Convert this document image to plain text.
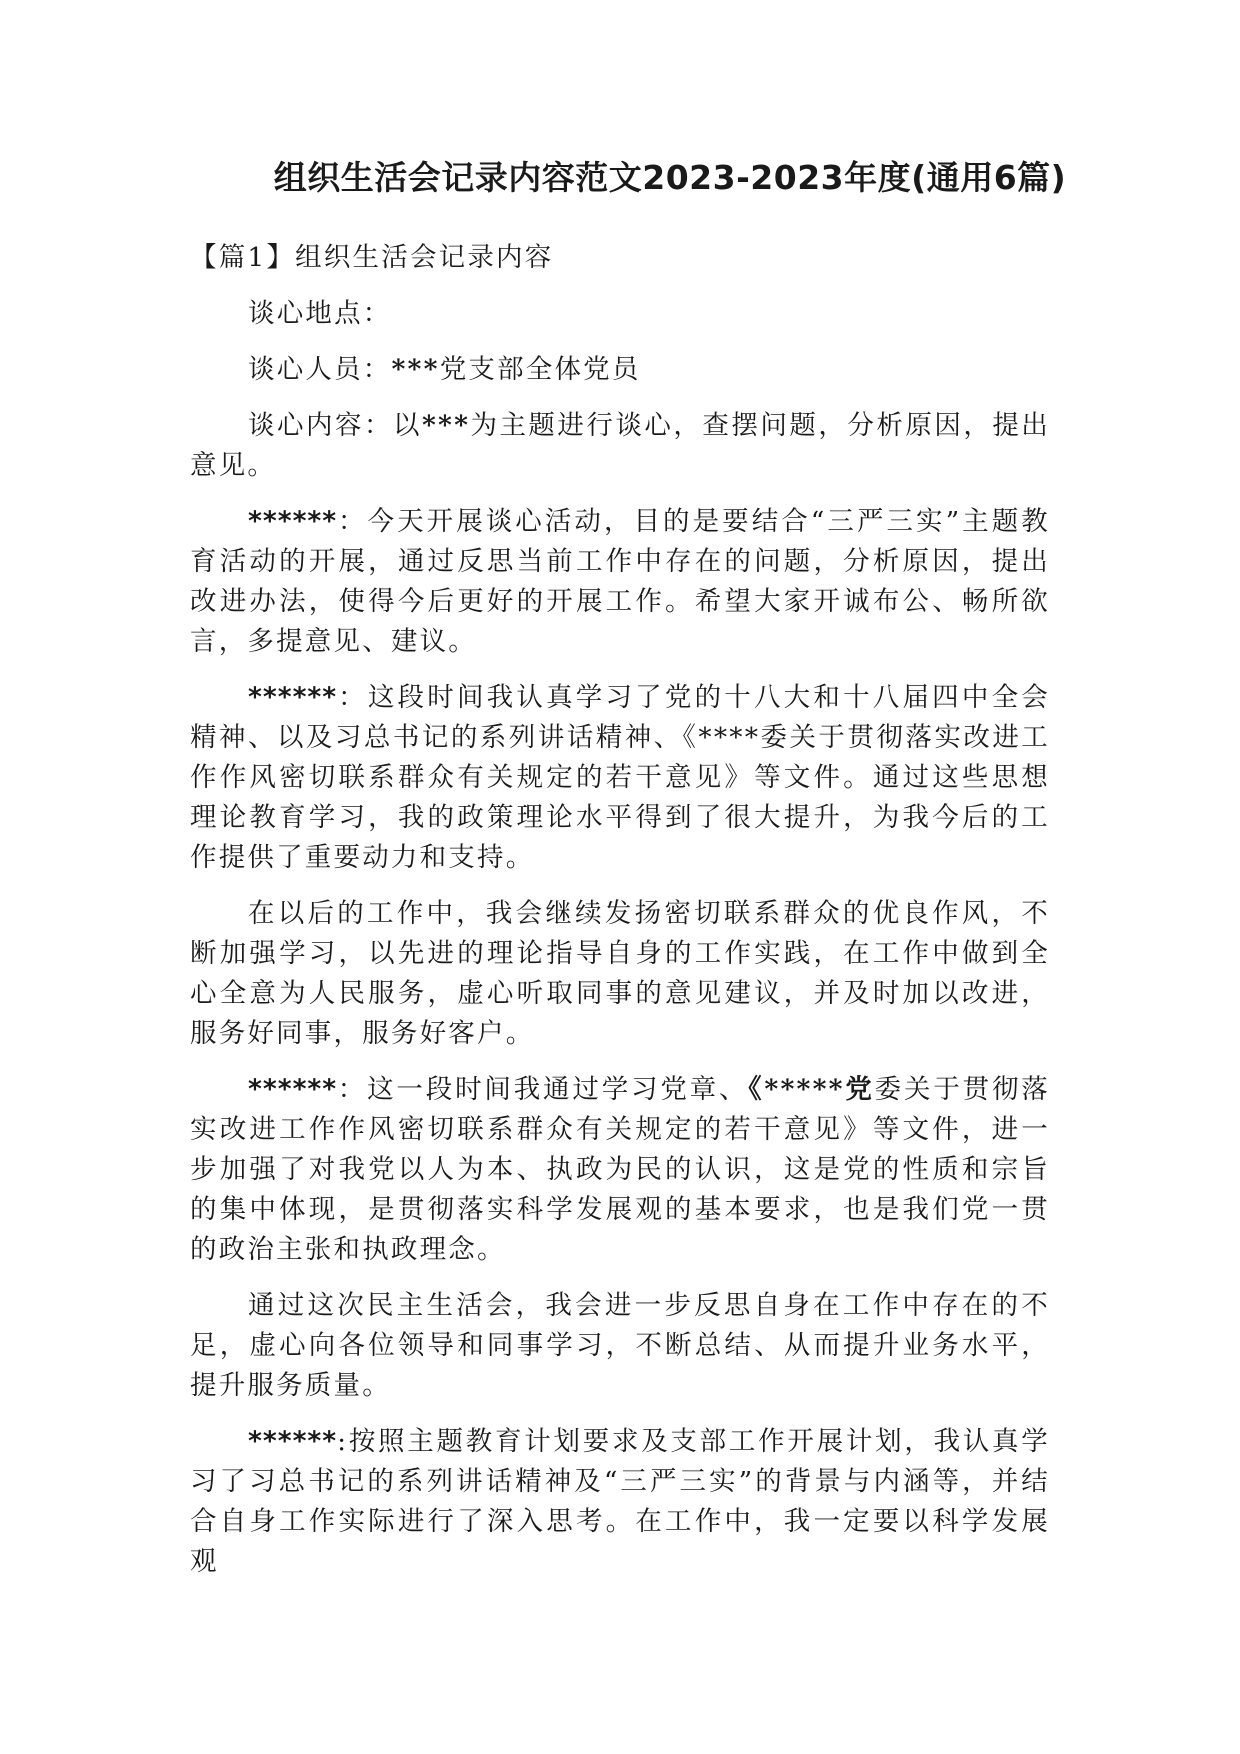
组织生活会记录内容范文2023-2023年度(通用6篇)
【篇1】组织生活会记录内容
谈心地点：
谈心人员：***党支部全体党员

谈心内容：以***为主题进行谈心，查摆问题，分析原因，提出意见。

******：今天开展谈心活动，目的是要结合“三严三实”主题教育活动的开展，通过反思当前工作中存在的问题，分析原因，提出改进办法，使得今后更好的开展工作。希望大家开诚布公、畅所欲言，多提意见、建议。

******：这段时间我认真学习了党的十八大和十八届四中全会精神、以及习总书记的系列讲话精神、《****委关于贯彻落实改进工作作风密切联系群众有关规定的若干意见》等文件。通过这些思想理论教育学习，我的政策理论水平得到了很大提升，为我今后的工作提供了重要动力和支持。

在以后的工作中，我会继续发扬密切联系群众的优良作风，不断加强学习，以先进的理论指导自身的工作实践，在工作中做到全心全意为人民服务，虚心听取同事的意见建议，并及时加以改进，服务好同事，服务好客户。

******：这一段时间我通过学习党章、《*****党委关于贯彻落实改进工作作风密切联系群众有关规定的若干意见》等文件，进一步加强了对我党以人为本、执政为民的认识，这是党的性质和宗旨的集中体现，是贯彻落实科学发展观的基本要求，也是我们党一贯的政治主张和执政理念。

通过这次民主生活会，我会进一步反思自身在工作中存在的不足，虚心向各位领导和同事学习，不断总结、从而提升业务水平，提升服务质量。

******:按照主题教育计划要求及支部工作开展计划，我认真学习了习总书记的系列讲话精神及“三严三实”的背景与内涵等，并结合自身工作实际进行了深入思考。在工作中，我一定要以科学发展观
